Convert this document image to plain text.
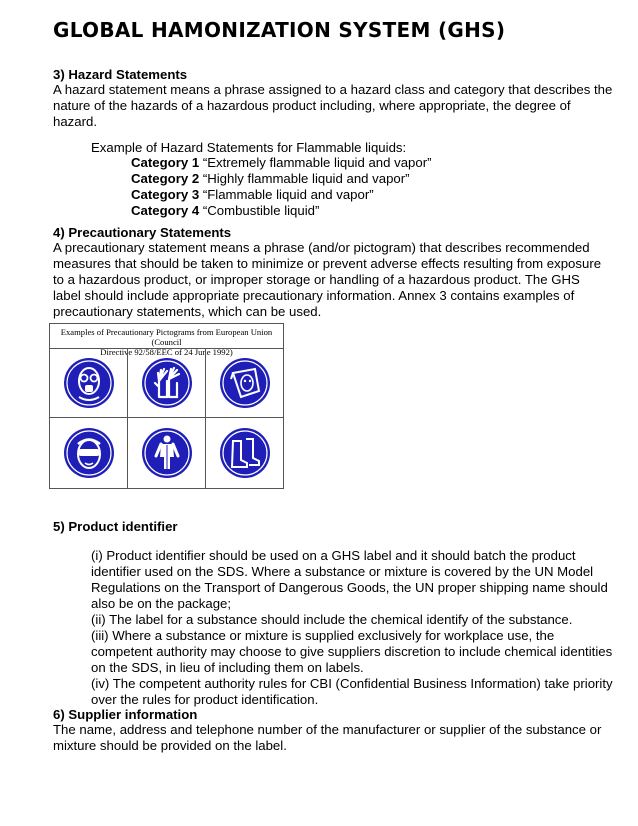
GLOBAL HAMONIZATION SYSTEM (GHS)
3) Hazard Statements
A hazard statement means a phrase assigned to a hazard class and category that describes the
nature of the hazards of a hazardous product including, where appropriate, the degree of
hazard.
Example of Hazard Statements for Flammable liquids:
Category 1 “Extremely flammable liquid and vapor”
Category 2 “Highly flammable liquid and vapor”
Category 3 “Flammable liquid and vapor”
Category 4 “Combustible liquid”
4) Precautionary Statements
A precautionary statement means a phrase (and/or pictogram) that describes recommended
measures that should be taken to minimize or prevent adverse effects resulting from exposure
to a hazardous product, or improper storage or handling of a hazardous product. The GHS
label should include appropriate precautionary information. Annex 3 contains examples of
precautionary statements, which can be used.
Examples of Precautionary Pictograms from European Union (Council
Directive 92/58/EEC of 24 June 1992)
5) Product identifier
(i) Product identifier should be used on a GHS label and it should batch the product
identifier used on the SDS. Where a substance or mixture is covered by the UN Model
Regulations on the Transport of Dangerous Goods, the UN proper shipping name should
also be on the package;
(ii) The label for a substance should include the chemical identify of the substance.
(iii) Where a substance or mixture is supplied exclusively for workplace use, the
competent authority may choose to give suppliers discretion to include chemical identities
on the SDS, in lieu of including them on labels.
(iv) The competent authority rules for CBI (Confidential Business Information) take priority
over the rules for product identification.
6) Supplier information
The name, address and telephone number of the manufacturer or supplier of the substance or
mixture should be provided on the label.
